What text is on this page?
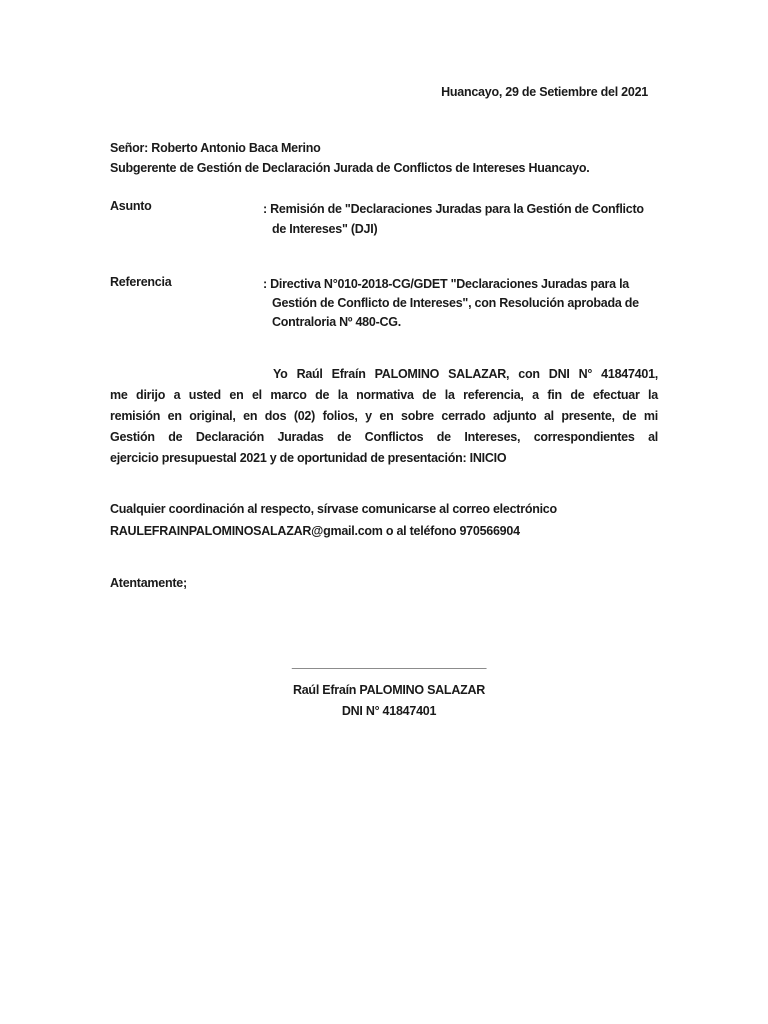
Huancayo, 29 de Setiembre del 2021
Señor: Roberto Antonio Baca Merino
Subgerente de Gestión de Declaración Jurada de Conflictos de Intereses Huancayo.
Asunto	: Remisión de "Declaraciones Juradas para la Gestión de Conflicto
de Intereses" (DJI)
Referencia	: Directiva N°010-2018-CG/GDET "Declaraciones Juradas para la
Gestión de Conflicto de Intereses", con Resolución aprobada de
Contraloria Nº 480-CG.
Yo Raúl Efraín PALOMINO SALAZAR, con DNI N° 41847401,
me dirijo a usted en el marco de la normativa de la referencia, a fin de efectuar la
remisión en original, en dos (02) folios, y en sobre cerrado adjunto al presente, de mi
Gestión de Declaración Juradas de Conflictos de Intereses, correspondientes al
ejercicio presupuestal 2021 y de oportunidad de presentación: INICIO
Cualquier coordinación al respecto, sírvase comunicarse al correo electrónico
RAULEFRAINPALOMINOSALAZAR@gmail.com o al teléfono 970566904
Atentamente;
_____________________________
Raúl Efraín PALOMINO SALAZAR
DNI N° 41847401
